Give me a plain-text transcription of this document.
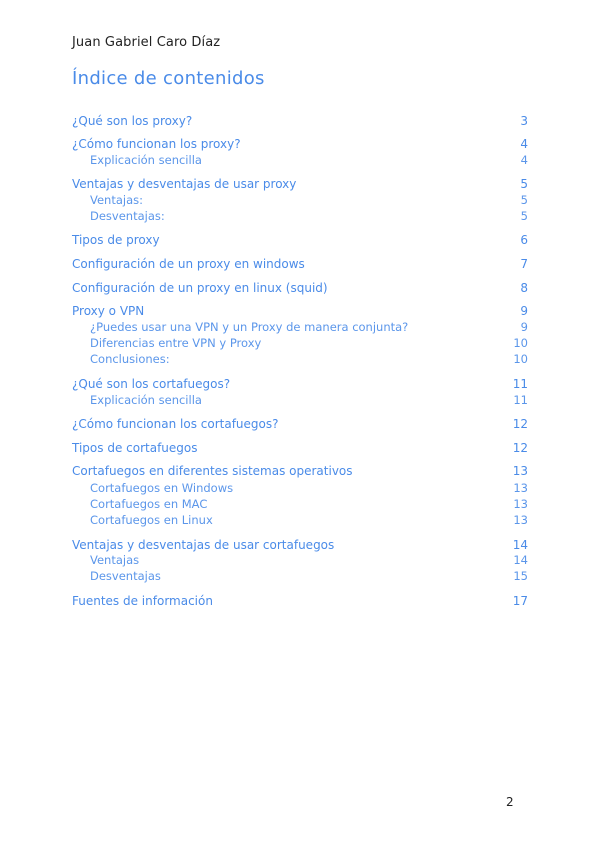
Juan Gabriel Caro Díaz
Índice de contenidos
¿Qué son los proxy?	3
¿Cómo funcionan los proxy?	4
Explicación sencilla	4
Ventajas y desventajas de usar proxy	5
Ventajas:	5
Desventajas:	5
Tipos de proxy	6
Configuración de un proxy en windows	7
Configuración de un proxy en linux (squid)	8
Proxy o VPN	9
¿Puedes usar una VPN y un Proxy de manera conjunta?	9
Diferencias entre VPN y Proxy	10
Conclusiones:	10
¿Qué son los cortafuegos?	11
Explicación sencilla	11
¿Cómo funcionan los cortafuegos?	12
Tipos de cortafuegos	12
Cortafuegos en diferentes sistemas operativos	13
Cortafuegos en Windows	13
Cortafuegos en MAC	13
Cortafuegos en Linux	13
Ventajas y desventajas de usar cortafuegos	14
Ventajas	14
Desventajas	15
Fuentes de información	17
2
